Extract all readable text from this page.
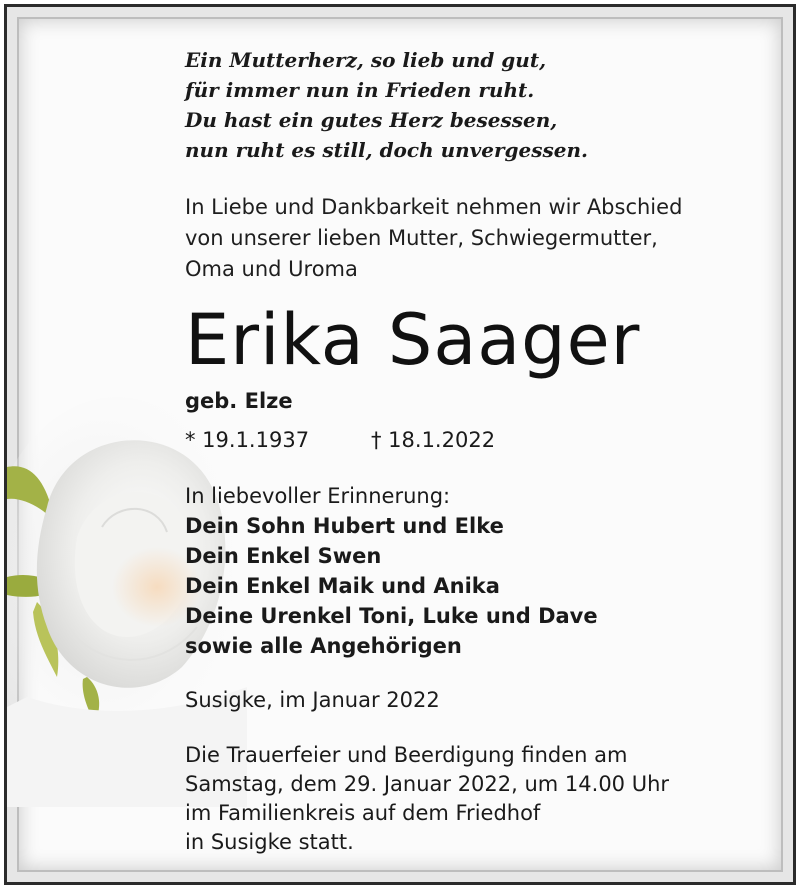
Ein Mutterherz, so lieb und gut,
für immer nun in Frieden ruht.
Du hast ein gutes Herz besessen,
nun ruht es still, doch unvergessen.
In Liebe und Dankbarkeit nehmen wir Abschied
von unserer lieben Mutter, Schwiegermutter,
Oma und Uroma
Erika Saager
geb. Elze
* 19.1.1937	† 18.1.2022
In liebevoller Erinnerung:
Dein Sohn Hubert und Elke
Dein Enkel Swen
Dein Enkel Maik und Anika
Deine Urenkel Toni, Luke und Dave
sowie alle Angehörigen
Susigke, im Januar 2022
Die Trauerfeier und Beerdigung finden am
Samstag, dem 29. Januar 2022, um 14.00 Uhr
im Familienkreis auf dem Friedhof
in Susigke statt.
